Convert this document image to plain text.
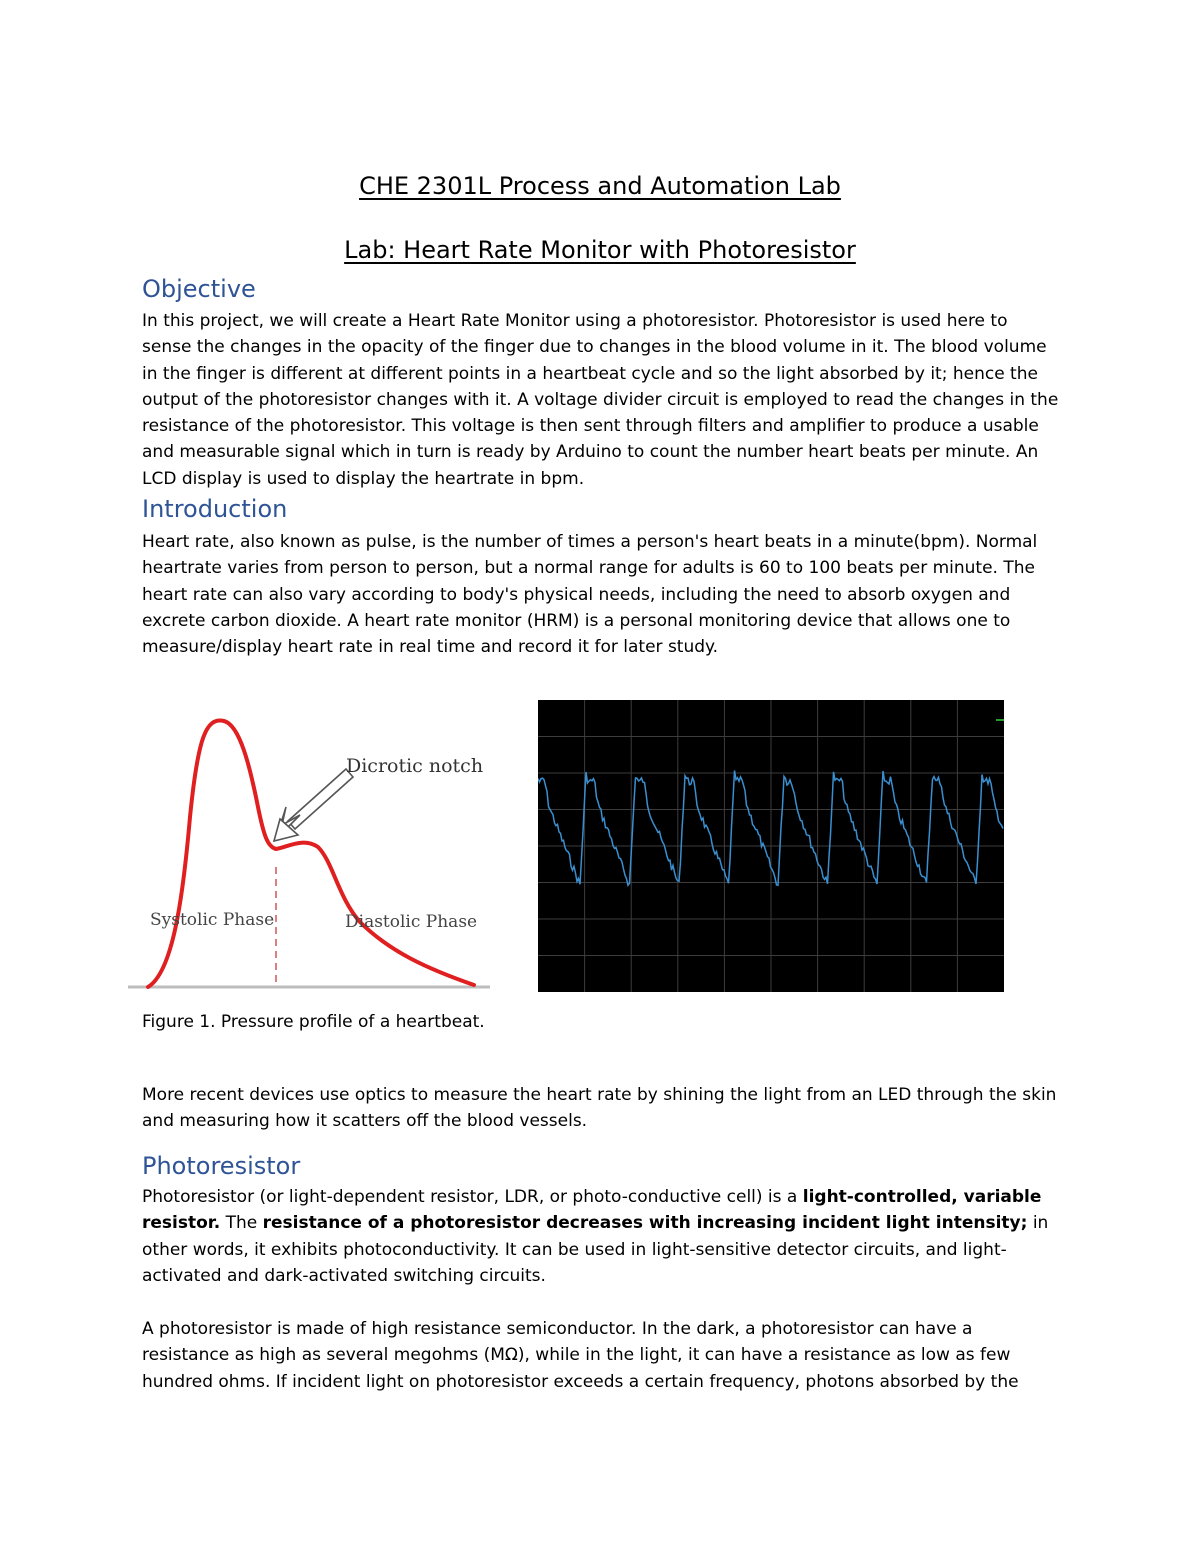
CHE 2301L Process and Automation Lab
Lab: Heart Rate Monitor with Photoresistor
Objective

In this project, we will create a Heart Rate Monitor using a photoresistor. Photoresistor is used here to sense the changes in the opacity of the finger due to changes in the blood volume in it. The blood volume in the finger is different at different points in a heartbeat cycle and so the light absorbed by it; hence the output of the photoresistor changes with it. A voltage divider circuit is employed to read the changes in the resistance of the photoresistor. This voltage is then sent through filters and amplifier to produce a usable and measurable signal which in turn is ready by Arduino to count the number heart beats per minute. An LCD display is used to display the heartrate in bpm.

Introduction

Heart rate, also known as pulse, is the number of times a person's heart beats in a minute(bpm). Normal heartrate varies from person to person, but a normal range for adults is 60 to 100 beats per minute. The heart rate can also vary according to body's physical needs, including the need to absorb oxygen and excrete carbon dioxide. A heart rate monitor (HRM) is a personal monitoring device that allows one to measure/display heart rate in real time and record it for later study.

Dicrotic notch
Systolic Phase	Diastolic Phase

Figure 1. Pressure profile of a heartbeat.

More recent devices use optics to measure the heart rate by shining the light from an LED through the skin and measuring how it scatters off the blood vessels.

Photoresistor

Photoresistor (or light-dependent resistor, LDR, or photo-conductive cell) is a light-controlled, variable resistor. The resistance of a photoresistor decreases with increasing incident light intensity; in other words, it exhibits photoconductivity. It can be used in light-sensitive detector circuits, and light-activated and dark-activated switching circuits.

A photoresistor is made of high resistance semiconductor. In the dark, a photoresistor can have a resistance as high as several megohms (MΩ), while in the light, it can have a resistance as low as few hundred ohms. If incident light on photoresistor exceeds a certain frequency, photons absorbed by the
